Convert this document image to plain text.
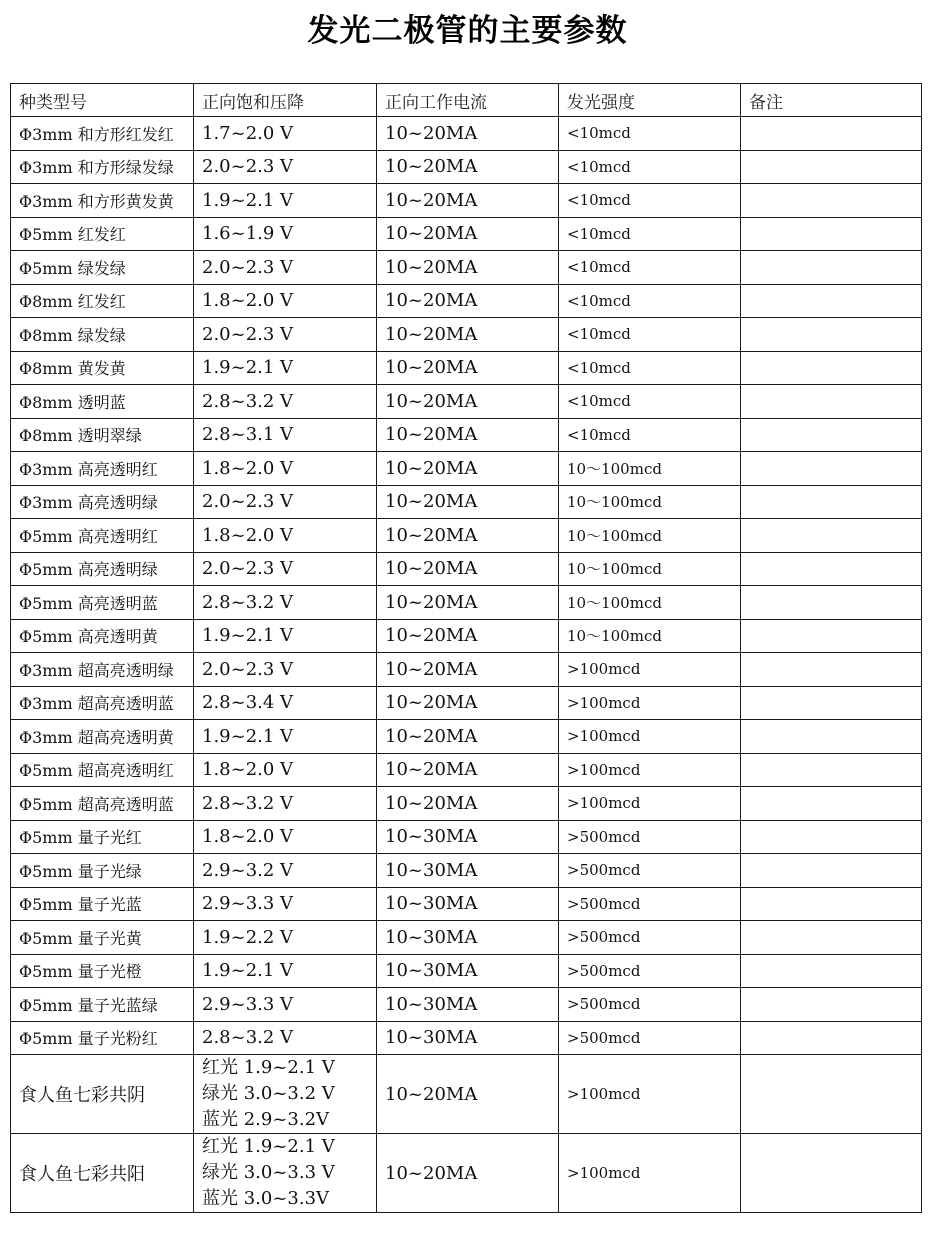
发光二极管的主要参数
种类型号	正向饱和压降	正向工作电流	发光强度	备注
Φ3mm 和方形红发红	1.7~2.0 V	10~20MA	<10mcd	
Φ3mm 和方形绿发绿	2.0~2.3 V	10~20MA	<10mcd	
Φ3mm 和方形黄发黄	1.9~2.1 V	10~20MA	<10mcd	
Φ5mm 红发红	1.6~1.9 V	10~20MA	<10mcd	
Φ5mm 绿发绿	2.0~2.3 V	10~20MA	<10mcd	
Φ8mm 红发红	1.8~2.0 V	10~20MA	<10mcd	
Φ8mm 绿发绿	2.0~2.3 V	10~20MA	<10mcd	
Φ8mm 黄发黄	1.9~2.1 V	10~20MA	<10mcd	
Φ8mm 透明蓝	2.8~3.2 V	10~20MA	<10mcd	
Φ8mm 透明翠绿	2.8~3.1 V	10~20MA	<10mcd	
Φ3mm 高亮透明红	1.8~2.0 V	10~20MA	10～100mcd	
Φ3mm 高亮透明绿	2.0~2.3 V	10~20MA	10～100mcd	
Φ5mm 高亮透明红	1.8~2.0 V	10~20MA	10～100mcd	
Φ5mm 高亮透明绿	2.0~2.3 V	10~20MA	10～100mcd	
Φ5mm 高亮透明蓝	2.8~3.2 V	10~20MA	10～100mcd	
Φ5mm 高亮透明黄	1.9~2.1 V	10~20MA	10～100mcd	
Φ3mm 超高亮透明绿	2.0~2.3 V	10~20MA	>100mcd	
Φ3mm 超高亮透明蓝	2.8~3.4 V	10~20MA	>100mcd	
Φ3mm 超高亮透明黄	1.9~2.1 V	10~20MA	>100mcd	
Φ5mm 超高亮透明红	1.8~2.0 V	10~20MA	>100mcd	
Φ5mm 超高亮透明蓝	2.8~3.2 V	10~20MA	>100mcd	
Φ5mm 量子光红	1.8~2.0 V	10~30MA	>500mcd	
Φ5mm 量子光绿	2.9~3.2 V	10~30MA	>500mcd	
Φ5mm 量子光蓝	2.9~3.3 V	10~30MA	>500mcd	
Φ5mm 量子光黄	1.9~2.2 V	10~30MA	>500mcd	
Φ5mm 量子光橙	1.9~2.1 V	10~30MA	>500mcd	
Φ5mm 量子光蓝绿	2.9~3.3 V	10~30MA	>500mcd	
Φ5mm 量子光粉红	2.8~3.2 V	10~30MA	>500mcd	
食人鱼七彩共阴	红光 1.9~2.1 V
绿光 3.0~3.2 V
蓝光 2.9~3.2V	10~20MA	>100mcd	
食人鱼七彩共阳	红光 1.9~2.1 V
绿光 3.0~3.3 V
蓝光 3.0~3.3V	10~20MA	>100mcd	
